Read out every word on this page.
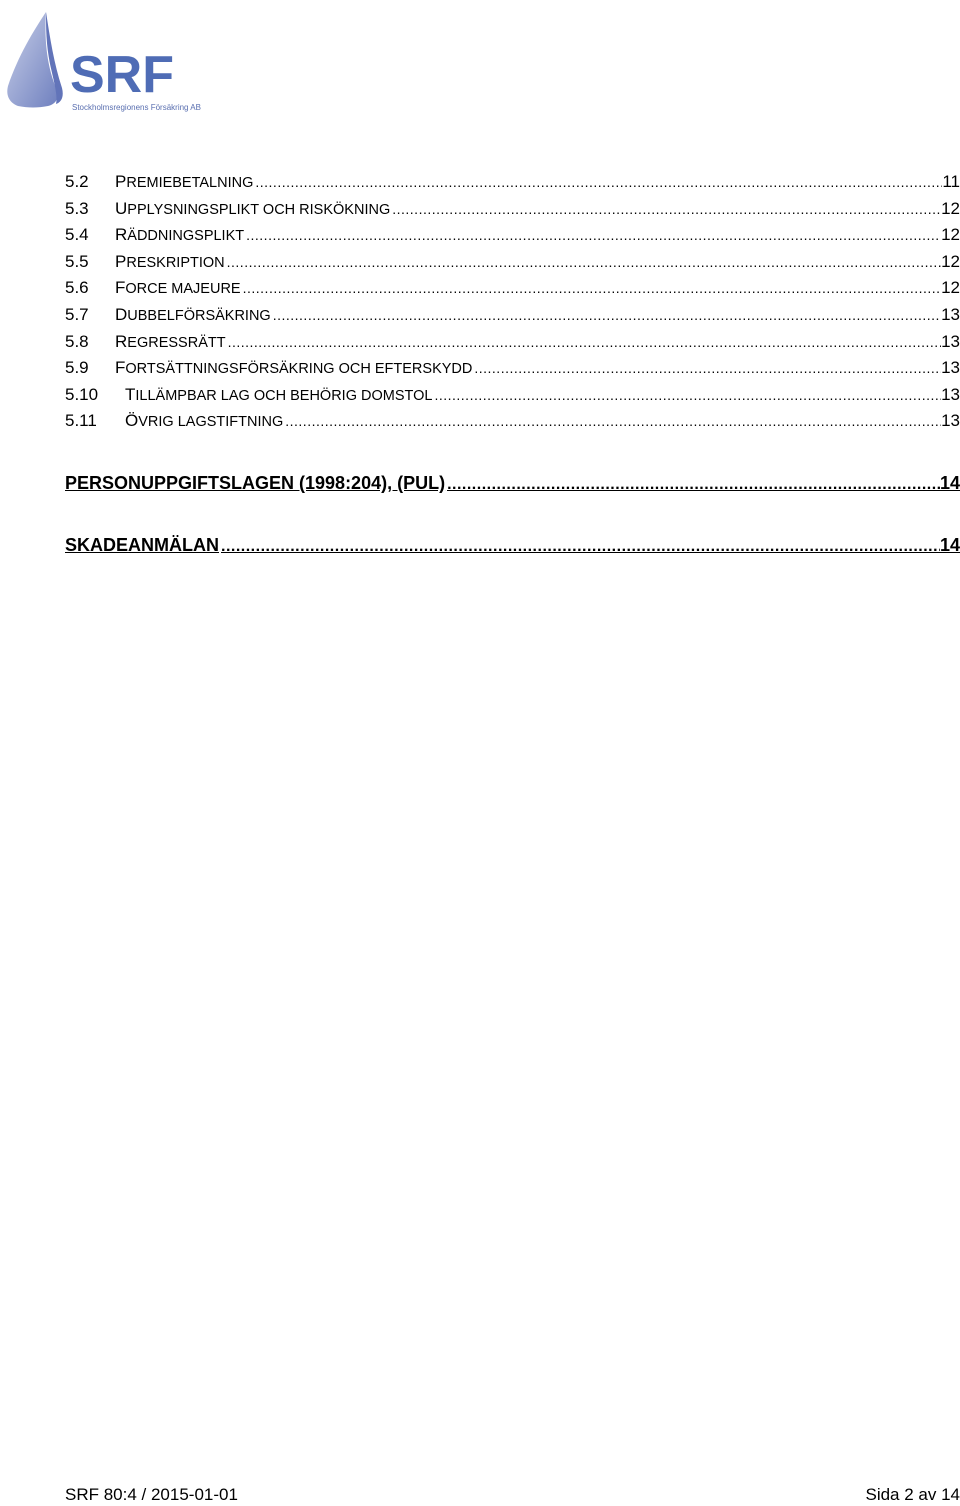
SRF
Stockholmsregionens Försäkring AB
5.2	PREMIEBETALNING .....	11
5.3	UPPLYSNINGSPLIKT OCH RISKÖKNING .....	12
5.4	RÄDDNINGSPLIKT .....	12
5.5	PRESKRIPTION .....	12
5.6	FORCE MAJEURE .....	12
5.7	DUBBELFÖRSÄKRING .....	13
5.8	REGRESSRÄTT .....	13
5.9	FORTSÄTTNINGSFÖRSÄKRING OCH EFTERSKYDD .....	13
5.10	TILLÄMPBAR LAG OCH BEHÖRIG DOMSTOL .....	13
5.11	ÖVRIG LAGSTIFTNING .....	13
PERSONUPPGIFTSLAGEN (1998:204), (PUL) .....	14
SKADEANMÄLAN .....	14
SRF 80:4 / 2015-01-01	Sida 2 av 14
